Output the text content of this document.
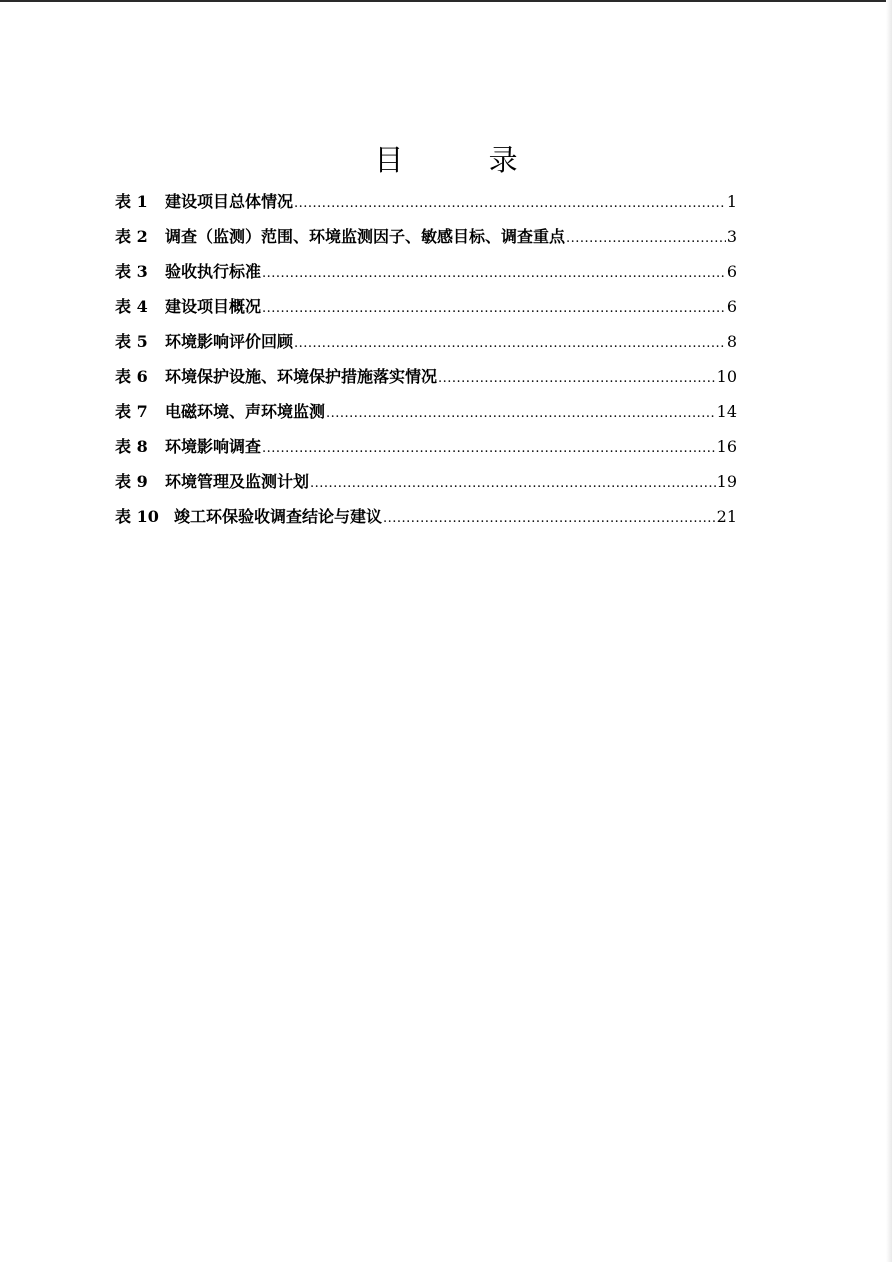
目 录
表 1	建设项目总体情况 .....	1
表 2	调查（监测）范围、环境监测因子、敏感目标、调查重点 .....	3
表 3	验收执行标准 .....	6
表 4	建设项目概况 .....	6
表 5	环境影响评价回顾 .....	8
表 6	环境保护设施、环境保护措施落实情况 .....	10
表 7	电磁环境、声环境监测 .....	14
表 8	环境影响调查 .....	16
表 9	环境管理及监测计划 .....	19
表 10 竣工环保验收调查结论与建议 .....	21
